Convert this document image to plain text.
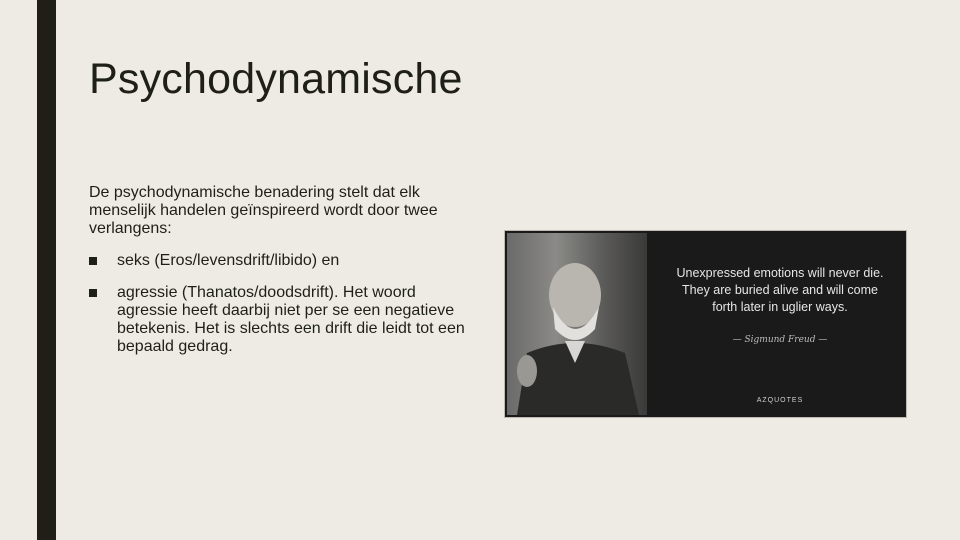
Psychodynamische

De psychodynamische benadering stelt dat elk menselijk handelen geïnspireerd wordt door twee verlangens:

seks (Eros/levensdrift/libido) en
agressie (Thanatos/doodsdrift). Het woord agressie heeft daarbij niet per se een negatieve betekenis. Het is slechts een drift die leidt tot een bepaald gedrag.
Unexpressed emotions will never die. They are buried alive and will come forth later in uglier ways.
— Sigmund Freud —
AZQUOTES
